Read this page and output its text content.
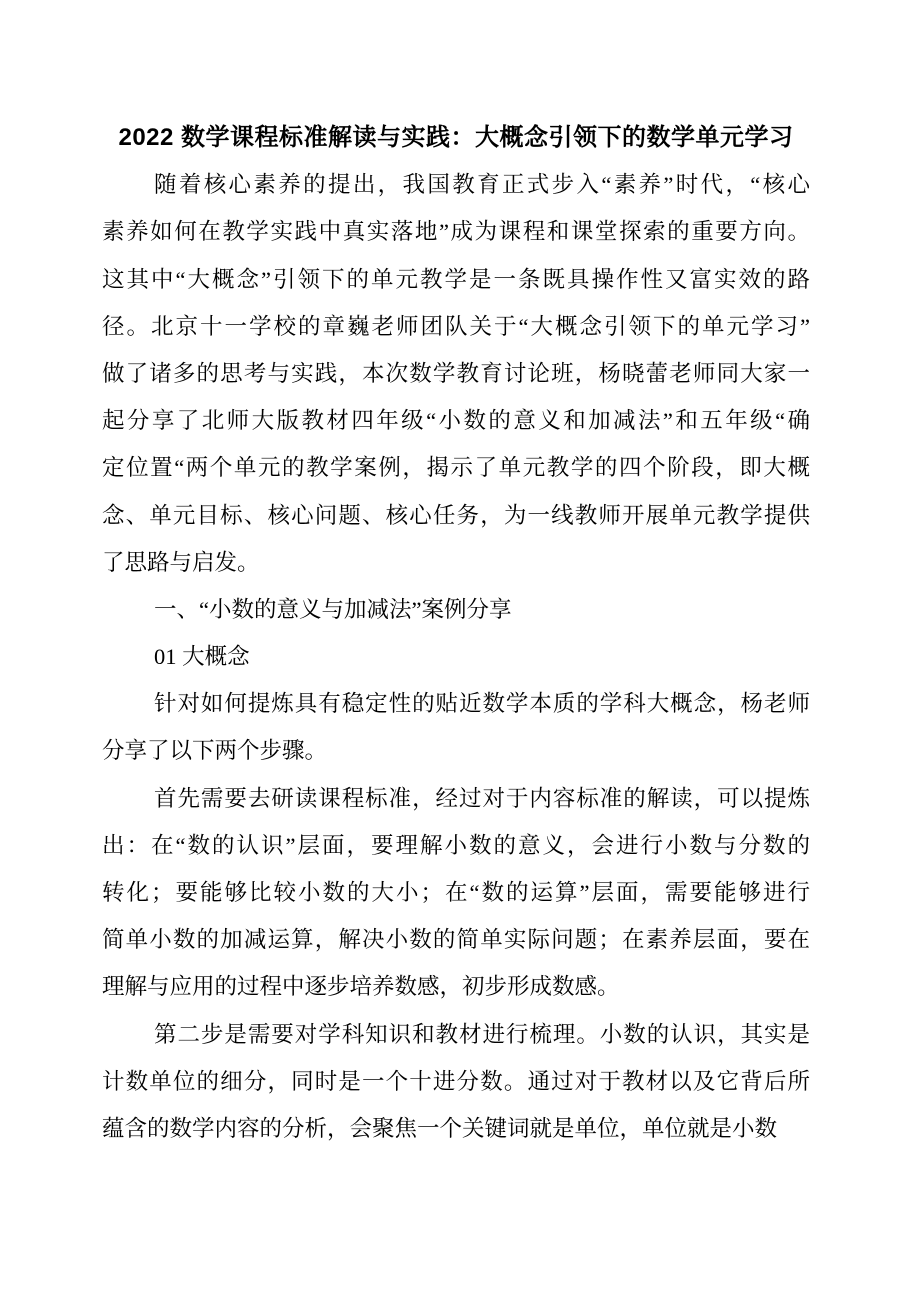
2022 数学课程标准解读与实践：大概念引领下的数学单元学习
随着核心素养的提出，我国教育正式步入“素养”时代，“核心
素养如何在教学实践中真实落地”成为课程和课堂探索的重要方向。
这其中“大概念”引领下的单元教学是一条既具操作性又富实效的路
径。北京十一学校的章巍老师团队关于“大概念引领下的单元学习”
做了诸多的思考与实践，本次数学教育讨论班，杨晓蕾老师同大家一
起分享了北师大版教材四年级“小数的意义和加减法”和五年级“确
定位置“两个单元的教学案例，揭示了单元教学的四个阶段，即大概
念、单元目标、核心问题、核心任务，为一线教师开展单元教学提供
了思路与启发。
一、“小数的意义与加减法”案例分享
01 大概念
针对如何提炼具有稳定性的贴近数学本质的学科大概念，杨老师
分享了以下两个步骤。
首先需要去研读课程标准，经过对于内容标准的解读，可以提炼
出：在“数的认识”层面，要理解小数的意义，会进行小数与分数的
转化；要能够比较小数的大小；在“数的运算”层面，需要能够进行
简单小数的加减运算，解决小数的简单实际问题；在素养层面，要在
理解与应用的过程中逐步培养数感，初步形成数感。
第二步是需要对学科知识和教材进行梳理。小数的认识，其实是
计数单位的细分，同时是一个十进分数。通过对于教材以及它背后所
蕴含的数学内容的分析，会聚焦一个关键词就是单位，单位就是小数
